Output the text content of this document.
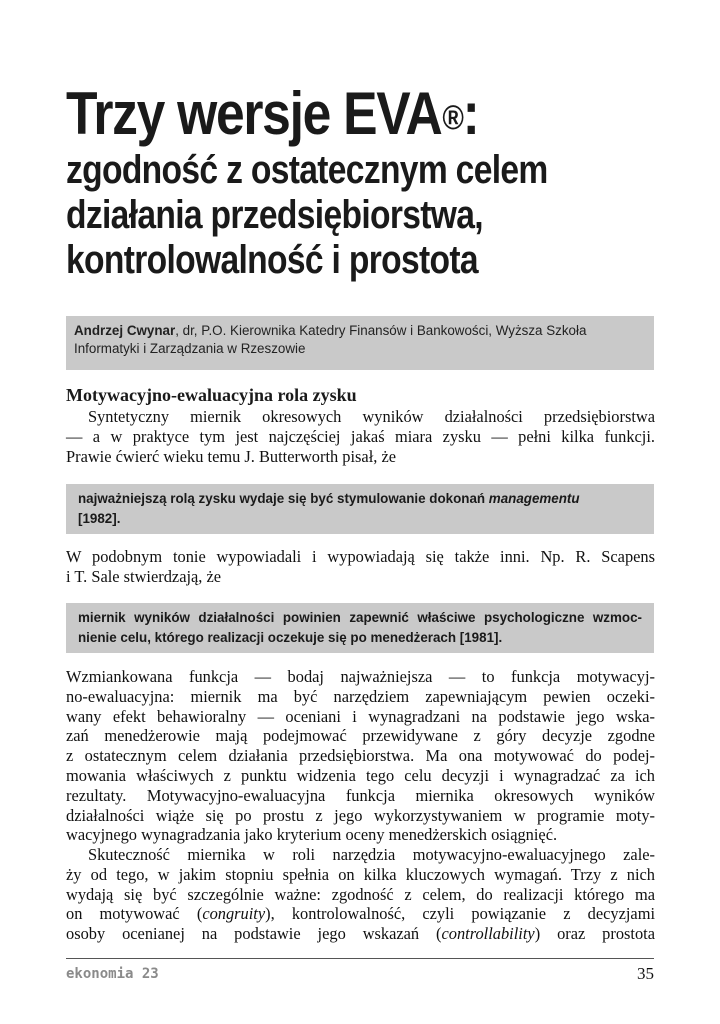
Trzy wersje EVA®:
zgodność z ostatecznym celem
działania przedsiębiorstwa,
kontrolowalność i prostota
Andrzej Cwynar, dr, P.O. Kierownika Katedry Finansów i Bankowości, Wyższa Szkoła Informatyki i Zarządzania w Rzeszowie
Motywacyjno-ewaluacyjna rola zysku
Syntetyczny miernik okresowych wyników działalności przedsiębiorstwa
— a w praktyce tym jest najczęściej jakaś miara zysku — pełni kilka funkcji.
Prawie ćwierć wieku temu J. Butterworth pisał, że
najważniejszą rolą zysku wydaje się być stymulowanie dokonań managementu
[1982].
W podobnym tonie wypowiadali i wypowiadają się także inni. Np. R. Scapens
i T. Sale stwierdzają, że
miernik wyników działalności powinien zapewnić właściwe psychologiczne wzmoc-
nienie celu, którego realizacji oczekuje się po menedżerach [1981].
Wzmiankowana funkcja — bodaj najważniejsza — to funkcja motywacyj-
no-ewaluacyjna: miernik ma być narzędziem zapewniającym pewien oczeki-
wany efekt behawioralny — oceniani i wynagradzani na podstawie jego wska-
zań menedżerowie mają podejmować przewidywane z góry decyzje zgodne
z ostatecznym celem działania przedsiębiorstwa. Ma ona motywować do podej-
mowania właściwych z punktu widzenia tego celu decyzji i wynagradzać za ich
rezultaty. Motywacyjno-ewaluacyjna funkcja miernika okresowych wyników
działalności wiąże się po prostu z jego wykorzystywaniem w programie moty-
wacyjnego wynagradzania jako kryterium oceny menedżerskich osiągnięć.
Skuteczność miernika w roli narzędzia motywacyjno-ewaluacyjnego zale-
ży od tego, w jakim stopniu spełnia on kilka kluczowych wymagań. Trzy z nich
wydają się być szczególnie ważne: zgodność z celem, do realizacji którego ma
on motywować (congruity), kontrolowalność, czyli powiązanie z decyzjami
osoby ocenianej na podstawie jego wskazań (controllability) oraz prostota
ekonomia 23	35
